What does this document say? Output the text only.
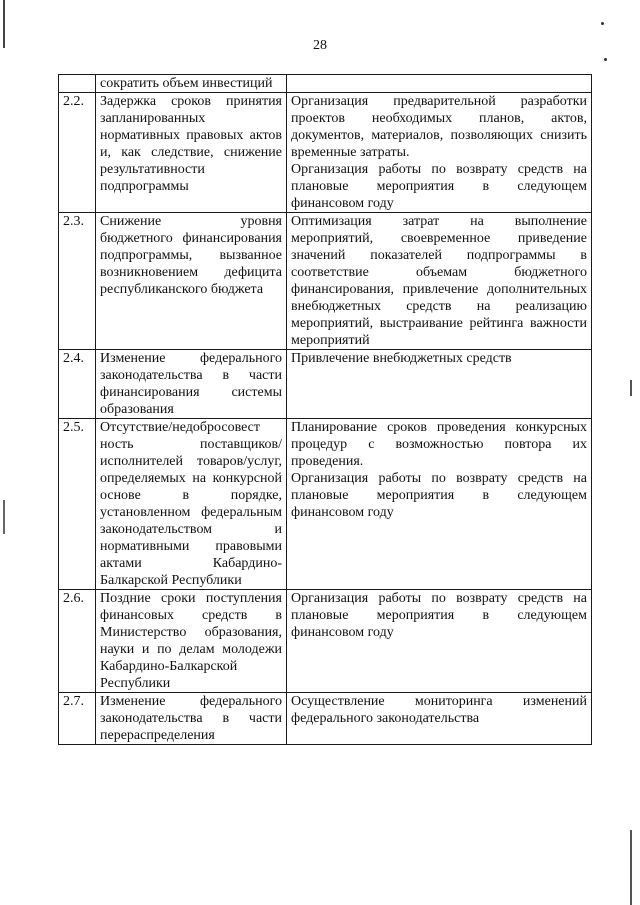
28
	сократить объем инвестиций	

2.2.	Задержка сроков принятия запланированных нормативных правовых актов и, как следствие, снижение результативности подпрограммы	Организация предварительной разработки проектов необходимых планов, актов, документов, материалов, позволяющих снизить временные затраты.
Организация работы по возврату средств на плановые мероприятия в следующем финансовом году

2.3.	Снижение уровня бюджетного финансирования подпрограммы, вызванное возникновением дефицита республиканского бюджета	Оптимизация затрат на выполнение мероприятий, своевременное приведение значений показателей подпрограммы в соответствие объемам бюджетного финансирования, привлечение дополнительных внебюджетных средств на реализацию мероприятий, выстраивание рейтинга важности мероприятий

2.4.	Изменение федерального законодательства в части финансирования системы образования	Привлечение внебюджетных средств

2.5.	Отсутствие/недобросовест ность поставщиков/исполнителей товаров/услуг, определяемых на конкурсной основе в порядке, установленном федеральным законодательством и нормативными правовыми актами Кабардино-Балкарской Республики	Планирование сроков проведения конкурсных процедур с возможностью повтора их проведения.
Организация работы по возврату средств на плановые мероприятия в следующем финансовом году

2.6.	Поздние сроки поступления финансовых средств в Министерство образования, науки и по делам молодежи Кабардино-Балкарской Республики	Организация работы по возврату средств на плановые мероприятия в следующем финансовом году

2.7.	Изменение федерального законодательства в части перераспределения	Осуществление мониторинга изменений федерального законодательства
